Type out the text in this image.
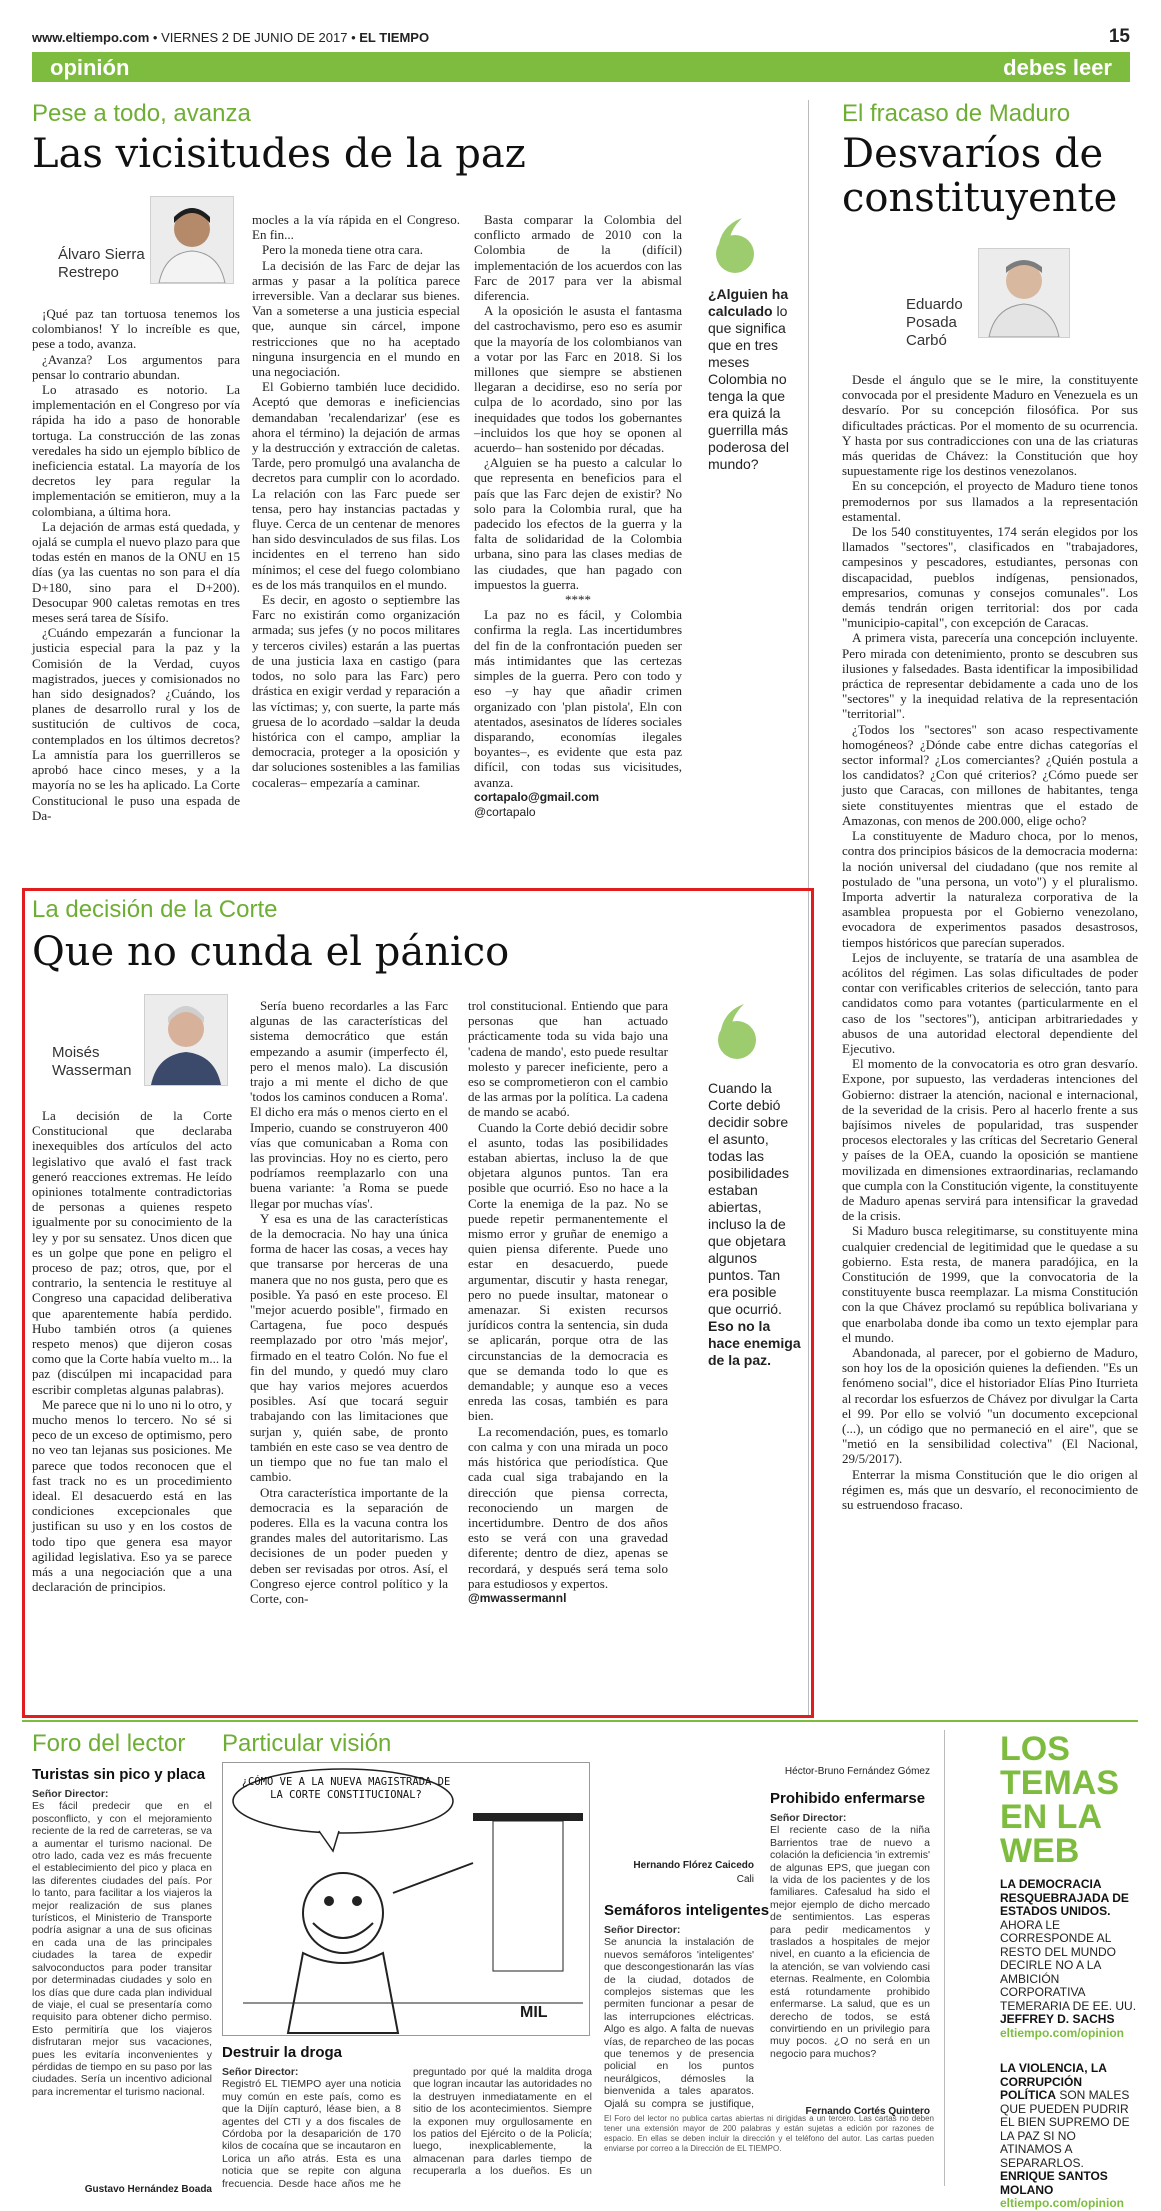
www.eltiempo.com • VIERNES 2 DE JUNIO DE 2017 • EL TIEMPO	15
opinión	debes leer
Pese a todo, avanza
Las vicisitudes de la paz
Álvaro Sierra Restrepo

¡Qué paz tan tortuosa tenemos los colombianos! Y lo increíble es que, pese a todo, avanza.

¿Avanza? Los argumentos para pensar lo contrario abundan.

Lo atrasado es notorio. La implementación en el Congreso por vía rápida ha ido a paso de honorable tortuga. La construcción de las zonas veredales ha sido un ejemplo bíblico de ineficiencia estatal. La mayoría de los decretos ley para regular la implementación se emitieron, muy a la colombiana, a última hora.

La dejación de armas está quedada, y ojalá se cumpla el nuevo plazo para que todas estén en manos de la ONU en 15 días (ya las cuentas no son para el día D+180, sino para el D+200). Desocupar 900 caletas remotas en tres meses será tarea de Sísifo.

¿Cuándo empezarán a funcionar la justicia especial para la paz y la Comisión de la Verdad, cuyos magistrados, jueces y comisionados no han sido designados? ¿Cuándo, los planes de desarrollo rural y los de sustitución de cultivos de coca, contemplados en los últimos decretos? La amnistía para los guerrilleros se aprobó hace cinco meses, y a la mayoría no se les ha aplicado. La Corte Constitucional le puso una espada de Da-

mocles a la vía rápida en el Congreso. En fin...

Pero la moneda tiene otra cara.

La decisión de las Farc de dejar las armas y pasar a la política parece irreversible. Van a declarar sus bienes. Van a someterse a una justicia especial que, aunque sin cárcel, impone restricciones que no ha aceptado ninguna insurgencia en el mundo en una negociación.

El Gobierno también luce decidido. Aceptó que demoras e ineficiencias demandaban 'recalendarizar' (ese es ahora el término) la dejación de armas y la destrucción y extracción de caletas. Tarde, pero promulgó una avalancha de decretos para cumplir con lo acordado. La relación con las Farc puede ser tensa, pero hay instancias pactadas y fluye. Cerca de un centenar de menores han sido desvinculados de sus filas. Los incidentes en el terreno han sido mínimos; el cese del fuego colombiano es de los más tranquilos en el mundo.

Es decir, en agosto o septiembre las Farc no existirán como organización armada; sus jefes (y no pocos militares y terceros civiles) estarán a las puertas de una justicia laxa en castigo (para todos, no solo para las Farc) pero drástica en exigir verdad y reparación a las víctimas; y, con suerte, la parte más gruesa de lo acordado –saldar la deuda histórica con el campo, ampliar la democracia, proteger a la oposición y dar soluciones sostenibles a las familias cocaleras– empezaría a caminar.

Basta comparar la Colombia del conflicto armado de 2010 con la Colombia de la (difícil) implementación de los acuerdos con las Farc de 2017 para ver la abismal diferencia.

A la oposición le asusta el fantasma del castrochavismo, pero eso es asumir que la mayoría de los colombianos van a votar por las Farc en 2018. Si los millones que siempre se abstienen llegaran a decidirse, eso no sería por culpa de lo acordado, sino por las inequidades que todos los gobernantes –incluidos los que hoy se oponen al acuerdo– han sostenido por décadas.

¿Alguien se ha puesto a calcular lo que representa en beneficios para el país que las Farc dejen de existir? No solo para la Colombia rural, que ha padecido los efectos de la guerra y la falta de solidaridad de la Colombia urbana, sino para las clases medias de las ciudades, que han pagado con impuestos la guerra.

****

La paz no es fácil, y Colombia confirma la regla. Las incertidumbres del fin de la confrontación pueden ser más intimidantes que las certezas simples de la guerra. Pero con todo y eso –y hay que añadir crimen organizado con 'plan pistola', Eln con atentados, asesinatos de líderes sociales disparando, economías ilegales boyantes–, es evidente que esta paz difícil, con todas sus vicisitudes, avanza.

cortapalo@gmail.com

@cortapalo

¿Alguien ha calculado lo que significa que en tres meses Colombia no tenga la que era quizá la guerrilla más poderosa del mundo?
El fracaso de Maduro
Desvaríos de constituyente
Eduardo Posada Carbó

Desde el ángulo que se le mire, la constituyente convocada por el presidente Maduro en Venezuela es un desvarío. Por su concepción filosófica. Por sus dificultades prácticas. Por el momento de su ocurrencia. Y hasta por sus contradicciones con una de las criaturas más queridas de Chávez: la Constitución que hoy supuestamente rige los destinos venezolanos.

En su concepción, el proyecto de Maduro tiene tonos premodernos por sus llamados a la representación estamental.

De los 540 constituyentes, 174 serán elegidos por los llamados "sectores", clasificados en "trabajadores, campesinos y pescadores, estudiantes, personas con discapacidad, pueblos indígenas, pensionados, empresarios, comunas y consejos comunales". Los demás tendrán origen territorial: dos por cada "municipio-capital", con excepción de Caracas.

A primera vista, parecería una concepción incluyente. Pero mirada con detenimiento, pronto se descubren sus ilusiones y falsedades. Basta identificar la imposibilidad práctica de representar debidamente a cada uno de los "sectores" y la inequidad relativa de la representación "territorial".

¿Todos los "sectores" son acaso respectivamente homogéneos? ¿Dónde cabe entre dichas categorías el sector informal? ¿Los comerciantes? ¿Quién postula a los candidatos? ¿Con qué criterios? ¿Cómo puede ser justo que Caracas, con millones de habitantes, tenga siete constituyentes mientras que el estado de Amazonas, con menos de 200.000, elige ocho?

La constituyente de Maduro choca, por lo menos, contra dos principios básicos de la democracia moderna: la noción universal del ciudadano (que nos remite al postulado de "una persona, un voto") y el pluralismo. Importa advertir la naturaleza corporativa de la asamblea propuesta por el Gobierno venezolano, evocadora de experimentos pasados desastrosos, tiempos históricos que parecían superados.

Lejos de incluyente, se trataría de una asamblea de acólitos del régimen. Las solas dificultades de poder contar con verificables criterios de selección, tanto para candidatos como para votantes (particularmente en el caso de los "sectores"), anticipan arbitrariedades y abusos de una autoridad electoral dependiente del Ejecutivo.

El momento de la convocatoria es otro gran desvarío. Expone, por supuesto, las verdaderas intenciones del Gobierno: distraer la atención, nacional e internacional, de la severidad de la crisis. Pero al hacerlo frente a sus bajísimos niveles de popularidad, tras suspender procesos electorales y las críticas del Secretario General y países de la OEA, cuando la oposición se mantiene movilizada en dimensiones extraordinarias, reclamando que cumpla con la Constitución vigente, la constituyente de Maduro apenas servirá para intensificar la gravedad de la crisis.

Si Maduro busca relegitimarse, su constituyente mina cualquier credencial de legitimidad que le quedase a su gobierno. Esta resta, de manera paradójica, en la Constitución de 1999, que la convocatoria de la constituyente busca reemplazar. La misma Constitución con la que Chávez proclamó su república bolivariana y que enarbolaba donde iba como un texto ejemplar para el mundo.

Abandonada, al parecer, por el gobierno de Maduro, son hoy los de la oposición quienes la defienden. "Es un fenómeno social", dice el historiador Elías Pino Iturrieta al recordar los esfuerzos de Chávez por divulgar la Carta el 99. Por ello se volvió "un documento excepcional (...), un código que no permaneció en el aire", que se "metió en la sensibilidad colectiva" (El Nacional, 29/5/2017).

Enterrar la misma Constitución que le dio origen al régimen es, más que un desvarío, el reconocimiento de su estruendoso fracaso.

La decisión de la Corte
Que no cunda el pánico
Moisés Wasserman

La decisión de la Corte Constitucional que declaraba inexequibles dos artículos del acto legislativo que avaló el fast track generó reacciones extremas. He leído opiniones totalmente contradictorias de personas a quienes respeto igualmente por su conocimiento de la ley y por su sensatez. Unos dicen que es un golpe que pone en peligro el proceso de paz; otros, que, por el contrario, la sentencia le restituye al Congreso una capacidad deliberativa que aparentemente había perdido. Hubo también otros (a quienes respeto menos) que dijeron cosas como que la Corte había vuelto m... la paz (discúlpen mi incapacidad para escribir completas algunas palabras).

Me parece que ni lo uno ni lo otro, y mucho menos lo tercero. No sé si peco de un exceso de optimismo, pero no veo tan lejanas sus posiciones. Me parece que todos reconocen que el fast track no es un procedimiento ideal. El desacuerdo está en las condiciones excepcionales que justifican su uso y en los costos de todo tipo que genera esa mayor agilidad legislativa. Eso ya se parece más a una negociación que a una declaración de principios.

Sería bueno recordarles a las Farc algunas de las características del sistema democrático que están empezando a asumir (imperfecto él, pero el menos malo). La discusión trajo a mi mente el dicho de que 'todos los caminos conducen a Roma'. El dicho era más o menos cierto en el Imperio, cuando se construyeron 400 vías que comunicaban a Roma con las provincias. Hoy no es cierto, pero podríamos reemplazarlo con una buena variante: 'a Roma se puede llegar por muchas vías'.

Y esa es una de las características de la democracia. No hay una única forma de hacer las cosas, a veces hay que transarse por herceras de una manera que no nos gusta, pero que es posible. Ya pasó en este proceso. El "mejor acuerdo posible", firmado en Cartagena, fue poco después reemplazado por otro 'más mejor', firmado en el teatro Colón. No fue el fin del mundo, y quedó muy claro que hay varios mejores acuerdos posibles. Así que tocará seguir trabajando con las limitaciones que surjan y, quién sabe, de pronto también en este caso se vea dentro de un tiempo que no fue tan malo el cambio.

Otra característica importante de la democracia es la separación de poderes. Ella es la vacuna contra los grandes males del autoritarismo. Las decisiones de un poder pueden y deben ser revisadas por otros. Así, el Congreso ejerce control político y la Corte, con-

trol constitucional. Entiendo que para personas que han actuado prácticamente toda su vida bajo una 'cadena de mando', esto puede resultar molesto y parecer ineficiente, pero a eso se comprometieron con el cambio de las armas por la política. La cadena de mando se acabó.

Cuando la Corte debió decidir sobre el asunto, todas las posibilidades estaban abiertas, incluso la de que objetara algunos puntos. Tan era posible que ocurrió. Eso no hace a la Corte la enemiga de la paz. No se puede repetir permanentemente el mismo error y gruñar de enemigo a quien piensa diferente. Puede uno estar en desacuerdo, puede argumentar, discutir y hasta renegar, pero no puede insultar, matonear o amenazar. Si existen recursos jurídicos contra la sentencia, sin duda se aplicarán, porque otra de las circunstancias de la democracia es que se demanda todo lo que es demandable; y aunque eso a veces enreda las cosas, también es para bien.

La recomendación, pues, es tomarlo con calma y con una mirada un poco más histórica que periodística. Que cada cual siga trabajando en la dirección que piensa correcta, reconociendo un margen de incertidumbre. Dentro de dos años esto se verá con una gravedad diferente; dentro de diez, apenas se recordará, y después será tema solo para estudiosos y expertos.

@mwassermannl

Cuando la Corte debió decidir sobre el asunto, todas las posibilidades estaban abiertas, incluso la de que objetara algunos puntos. Tan era posible que ocurrió. Eso no la hace enemiga de la paz.
Foro del lector
Turistas sin pico y placa

Señor Director:

Es fácil predecir que en el posconflicto, y con el mejoramiento reciente de la red de carreteras, se va a aumentar el turismo nacional. De otro lado, cada vez es más frecuente el establecimiento del pico y placa en las diferentes ciudades del país. Por lo tanto, para facilitar a los viajeros la mejor realización de sus planes turísticos, el Ministerio de Transporte podría asignar a una de sus oficinas en cada una de las principales ciudades la tarea de expedir salvoconductos para poder transitar por determinadas ciudades y solo en los días que dure cada plan individual de viaje, el cual se presentaría como requisito para obtener dicho permiso. Esto permitiría que los viajeros disfrutaran mejor sus vacaciones, pues les evitaría inconvenientes y pérdidas de tiempo en su paso por las ciudades. Sería un incentivo adicional para incrementar el turismo nacional.

Gustavo Hernández Boada
Particular visión
¿CÓMO VE A LA NUEVA MAGISTRADA DE LA CORTE CONSTITUCIONAL?
MIL
Destruir la droga

Señor Director:

Registró EL TIEMPO ayer una noticia muy común en este país, como es que la Dijín capturó, léase bien, a 8 agentes del CTI y a dos fiscales de Córdoba por la desaparición de 170 kilos de cocaína que se incautaron en Lorica un año atrás. Esta es una noticia que se repite con alguna frecuencia. Desde hace años me he preguntado por qué la maldita droga que logran incautar las autoridades no la destruyen inmediatamente en el sitio de los acontecimientos. Siempre la exponen muy orgullosamente en los patios del Ejército o de la Policía; luego, inexplicablemente, la almacenan para darles tiempo de recuperarla a los dueños. Es un

Hernando Flórez Caicedo
Cali
Semáforos inteligentes

Señor Director:

Se anuncia la instalación de nuevos semáforos 'inteligentes' que descongestionarán las vías de la ciudad, dotados de complejos sistemas que les permiten funcionar a pesar de las interrupciones eléctricas. Algo es algo. A falta de nuevas vías, de reparcheo de las pocas que tenemos y de presencia policial en los puntos neurálgicos, démosles la bienvenida a tales aparatos. Ojalá su compra se justifique,

El Foro del lector no publica cartas abiertas ni dirigidas a un tercero. Las cartas no deben tener una extensión mayor de 200 palabras y están sujetas a edición por razones de espacio. En ellas se deben incluir la dirección y el teléfono del autor. Las cartas pueden enviarse por correo a la Dirección de EL TIEMPO.
Héctor-Bruno Fernández Gómez
Prohibido enfermarse

Señor Director:

El reciente caso de la niña Barrientos trae de nuevo a colación la deficiencia 'in extremis' de algunas EPS, que juegan con la vida de los pacientes y de los familiares. Cafesalud ha sido el mejor ejemplo de dicho mercado de sentimientos. Las esperas para pedir medicamentos y traslados a hospitales de mejor nivel, en cuanto a la eficiencia de la atención, se van volviendo casi eternas. Realmente, en Colombia está rotundamente prohibido enfermarse. La salud, que es un derecho de todos, se está convirtiendo en un privilegio para muy pocos. ¿O no será en un negocio para muchos?

Fernando Cortés Quintero
LOS
TEMAS
EN LA
WEB
LA DEMOCRACIA RESQUEBRAJADA DE ESTADOS UNIDOS. AHORA LE CORRESPONDE AL RESTO DEL MUNDO DECIRLE NO A LA AMBICIÓN CORPORATIVA TEMERARIA DE EE. UU. JEFFREY D. SACHS
eltiempo.com/opinion
LA VIOLENCIA, LA CORRUPCIÓN POLÍTICA SON MALES QUE PUEDEN PUDRIR EL BIEN SUPREMO DE LA PAZ SI NO ATINAMOS A SEPARARLOS. ENRIQUE SANTOS MOLANO
eltiempo.com/opinion
